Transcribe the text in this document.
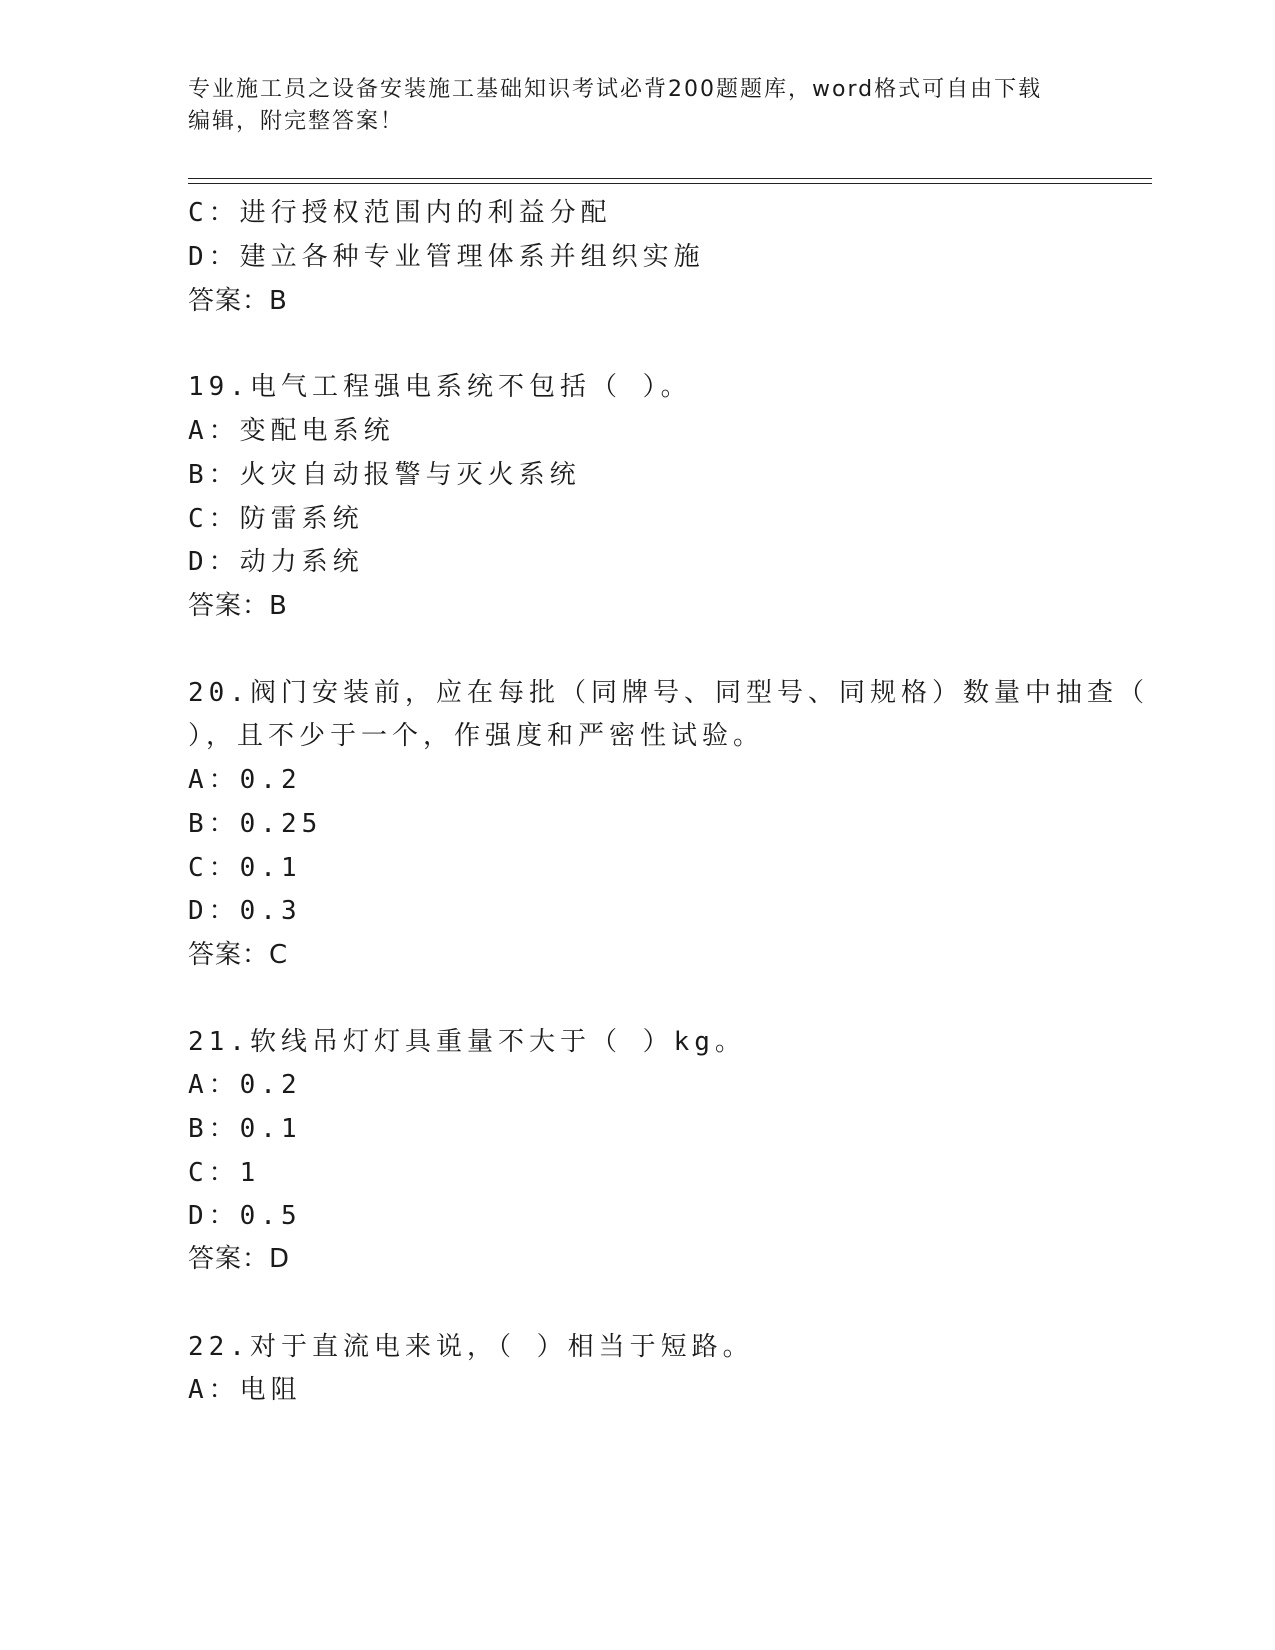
专业施工员之设备安装施工基础知识考试必背200题题库，word格式可自由下载
编辑，附完整答案！
C：进行授权范围内的利益分配
D：建立各种专业管理体系并组织实施
答案：B
19.电气工程强电系统不包括（ ）。
A：变配电系统
B：火灾自动报警与灭火系统
C：防雷系统
D：动力系统
答案：B
20.阀门安装前，应在每批（同牌号、同型号、同规格）数量中抽查（
），且不少于一个，作强度和严密性试验。
A：0.2
B：0.25
C：0.1
D：0.3
答案：C
21.软线吊灯灯具重量不大于（ ）kg。
A：0.2
B：0.1
C：1
D：0.5
答案：D
22.对于直流电来说，（ ）相当于短路。
A：电阻
